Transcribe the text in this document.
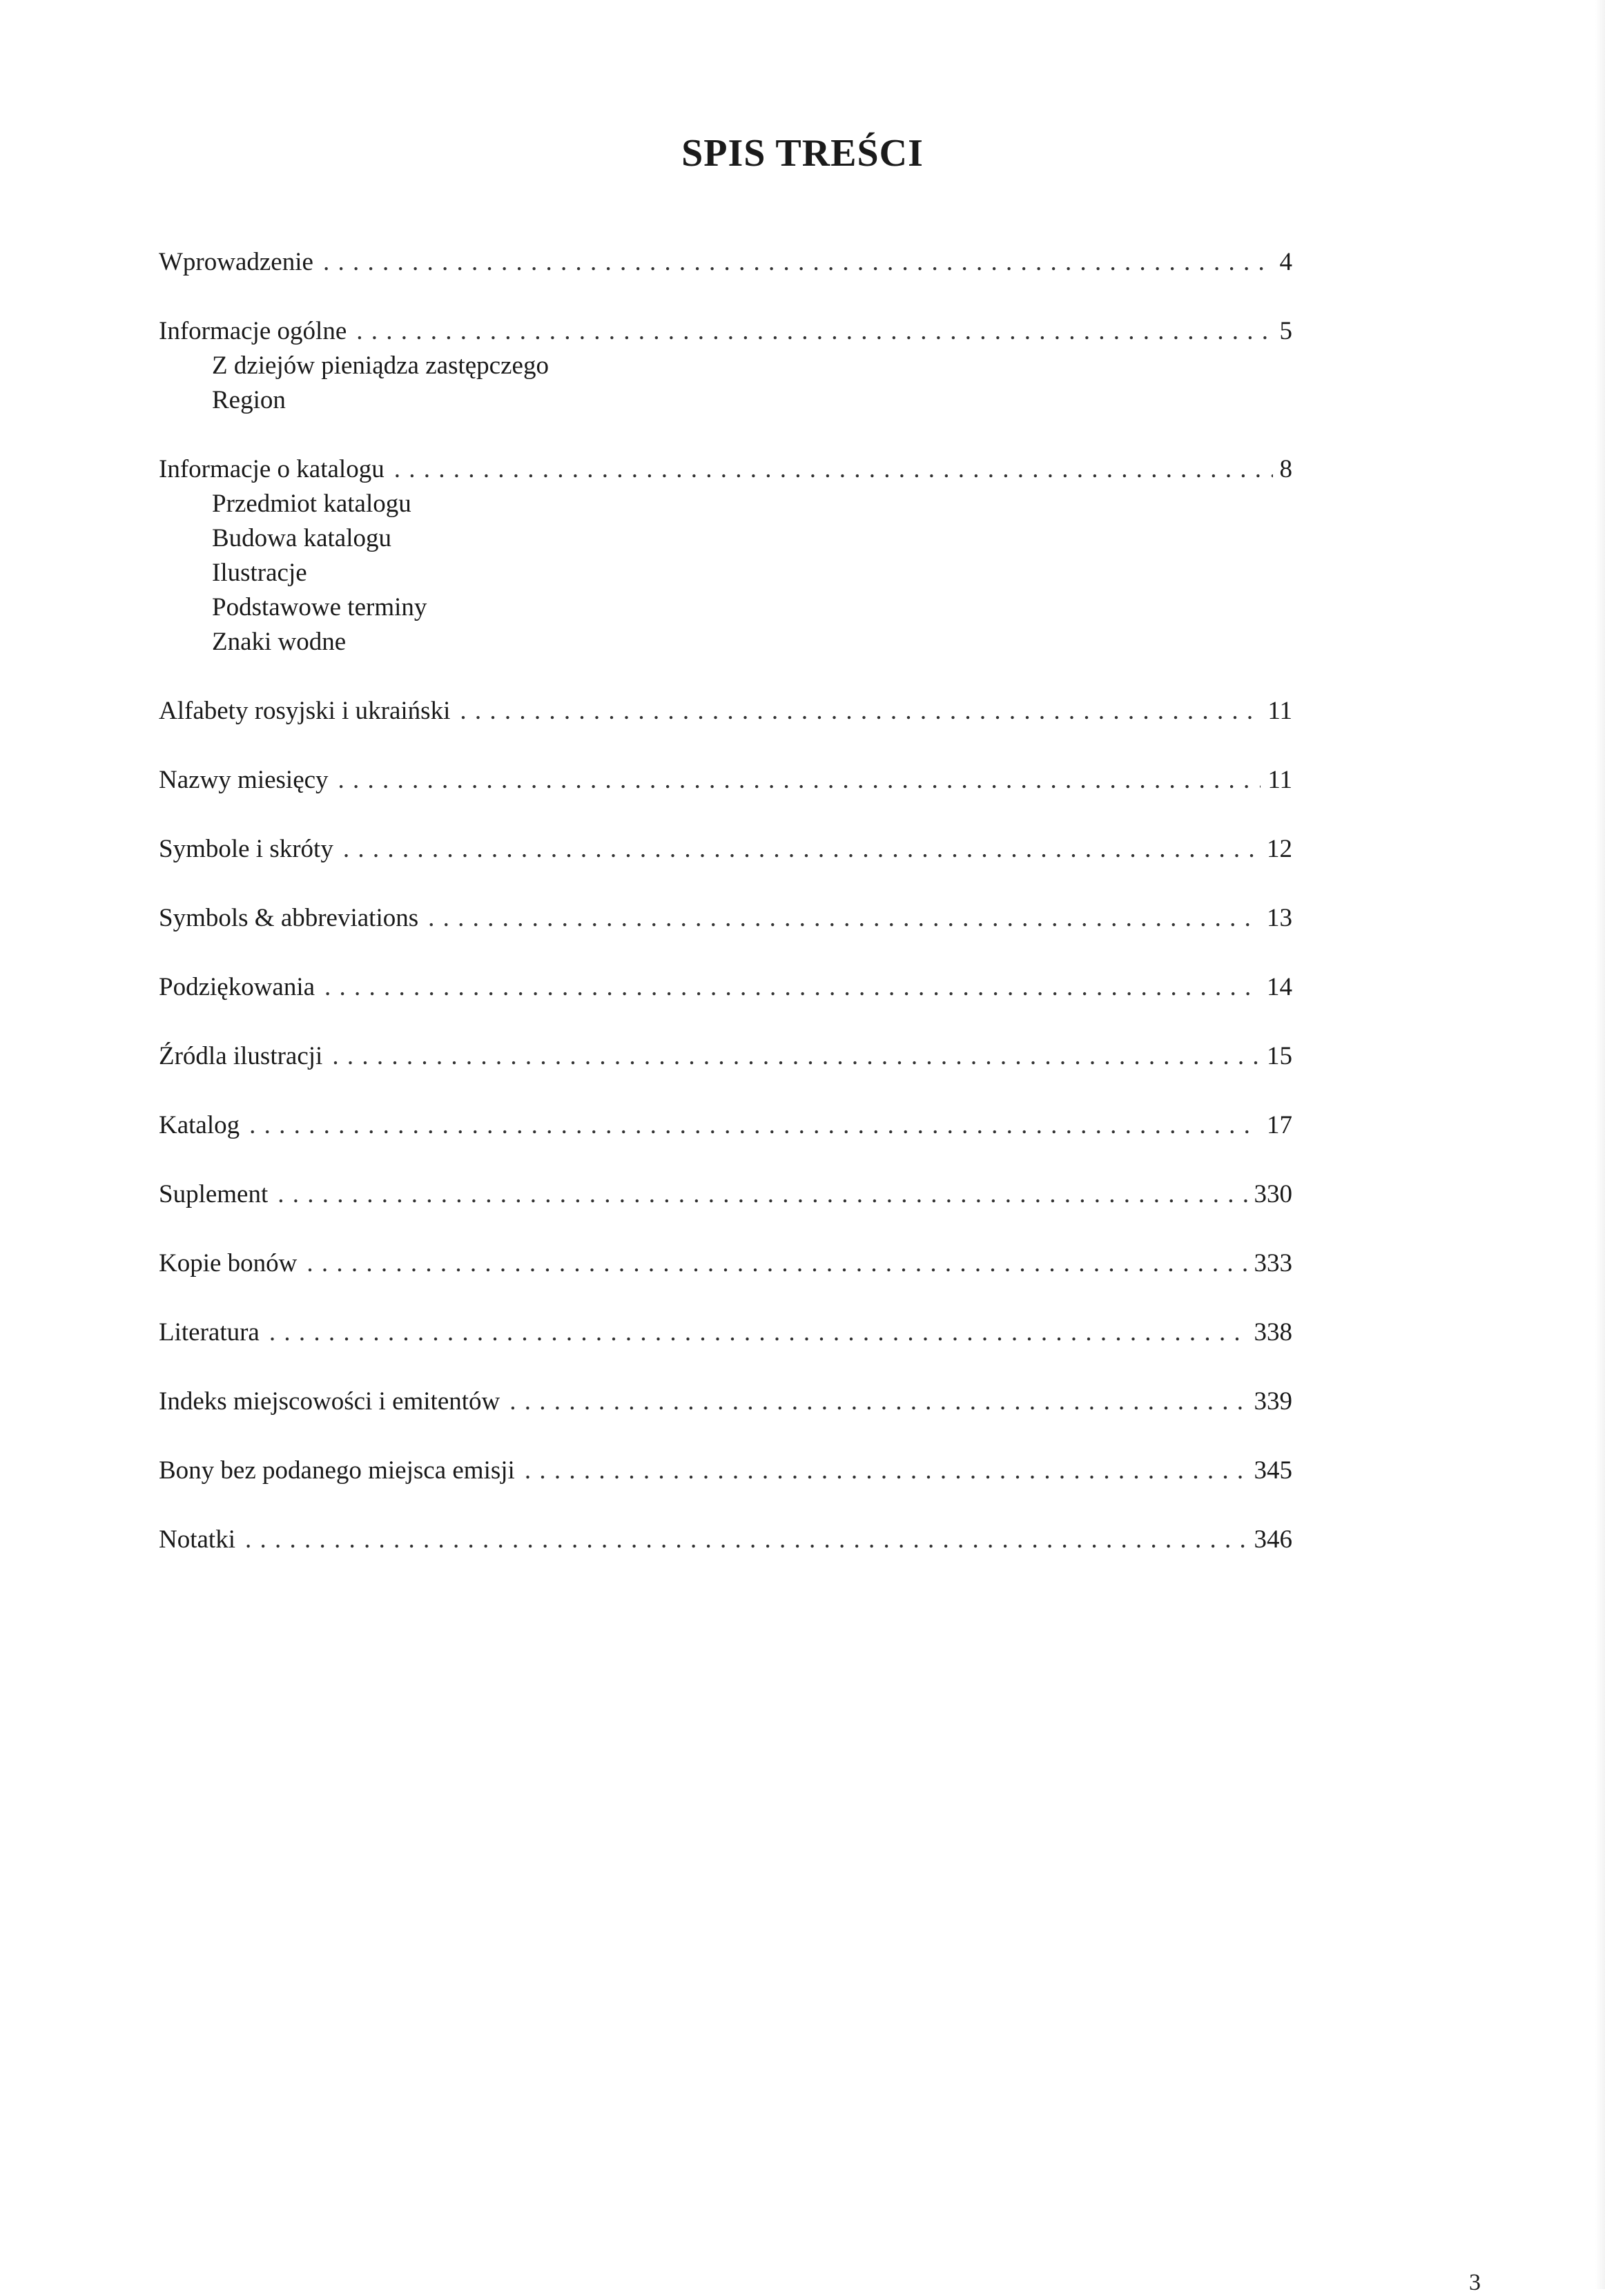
SPIS TREŚCI
Wprowadzenie . . .	4
Informacje ogólne . . .	5
Z dziejów pieniądza zastępczego
Region
Informacje o katalogu . . .	8
Przedmiot katalogu
Budowa katalogu
Ilustracje
Podstawowe terminy
Znaki wodne
Alfabety rosyjski i ukraiński . . .	11
Nazwy miesięcy . . .	11
Symbole i skróty . . .	12
Symbols & abbreviations . . .	13
Podziękowania . . .	14
Źródla ilustracji . . .	15
Katalog . . .	17
Suplement . . .	330
Kopie bonów . . .	333
Literatura . . .	338
Indeks miejscowości i emitentów . . .	339
Bony bez podanego miejsca emisji . . .	345
Notatki . . .	346
3
